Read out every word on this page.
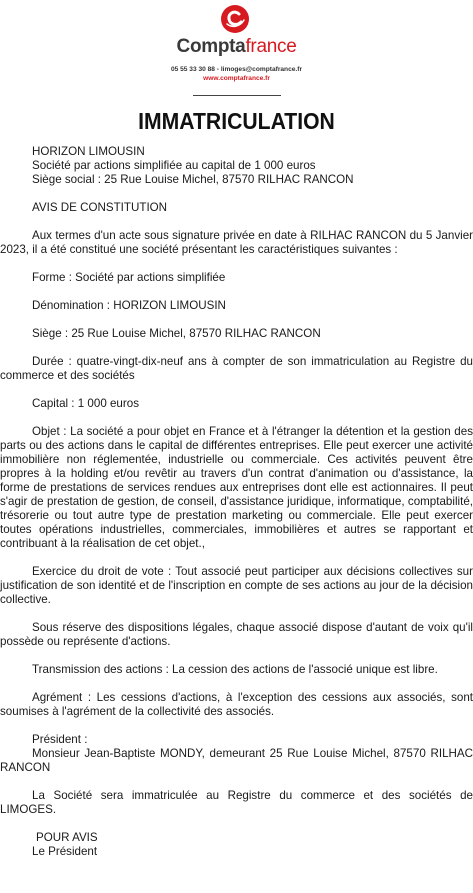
Comptafrance
05 55 33 30 88 - limoges@comptafrance.fr
www.comptafrance.fr
IMMATRICULATION

HORIZON LIMOUSIN

Société par actions simplifiée au capital de 1 000 euros

Siège social : 25 Rue Louise Michel, 87570 RILHAC RANCON

AVIS DE CONSTITUTION

Aux termes d'un acte sous signature privée en date à RILHAC RANCON du 5 Janvier 2023, il a été constitué une société présentant les caractéristiques suivantes :

Forme : Société par actions simplifiée

Dénomination : HORIZON LIMOUSIN

Siège : 25 Rue Louise Michel, 87570 RILHAC RANCON

Durée : quatre-vingt-dix-neuf ans à compter de son immatriculation au Registre du commerce et des sociétés

Capital : 1 000 euros

Objet : La société a pour objet en France et à l'étranger la détention et la gestion des parts ou des actions dans le capital de différentes entreprises. Elle peut exercer une activité immobilière non réglementée, industrielle ou commerciale. Ces activités peuvent être propres à la holding et/ou revêtir au travers d'un contrat d'animation ou d'assistance, la forme de prestations de services rendues aux entreprises dont elle est actionnaires. Il peut s'agir de prestation de gestion, de conseil, d'assistance juridique, informatique, comptabilité, trésorerie ou tout autre type de prestation marketing ou commerciale. Elle peut exercer toutes opérations industrielles, commerciales, immobilières et autres se rapportant et contribuant à la réalisation de cet objet.,

Exercice du droit de vote : Tout associé peut participer aux décisions collectives sur justification de son identité et de l'inscription en compte de ses actions au jour de la décision collective.

Sous réserve des dispositions légales, chaque associé dispose d'autant de voix qu'il possède ou représente d'actions.

Transmission des actions : La cession des actions de l'associé unique est libre.

Agrément : Les cessions d'actions, à l'exception des cessions aux associés, sont soumises à l'agrément de la collectivité des associés.

Président :

Monsieur Jean-Baptiste MONDY, demeurant 25 Rue Louise Michel, 87570 RILHAC RANCON

La Société sera immatriculée au Registre du commerce et des sociétés de LIMOGES.

POUR AVIS

Le Président
